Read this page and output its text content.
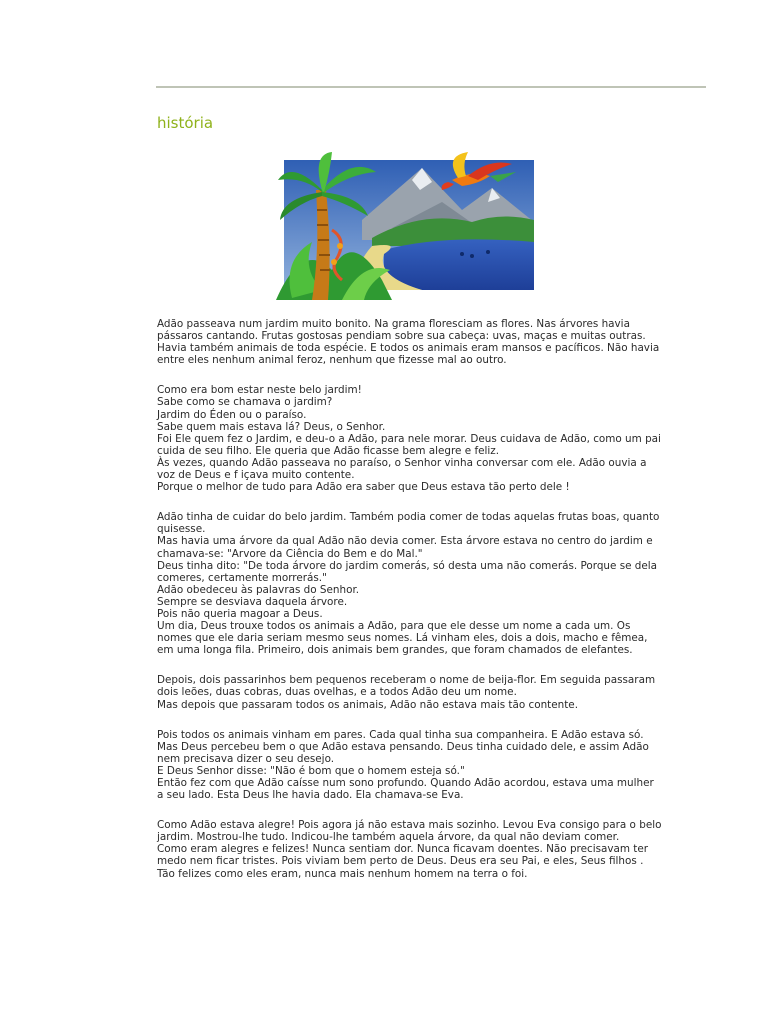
história

Adão passeava num jardim muito bonito. Na grama floresciam as flores. Nas árvores havia pássaros cantando. Frutas gostosas pendiam sobre sua cabeça: uvas, maças e muitas outras.
Havia também animais de toda espécie. E todos os animais eram mansos e pacíficos. Não havia entre eles nenhum animal feroz, nenhum que fizesse mal ao outro.

Como era bom estar neste belo jardim!
Sabe como se chamava o jardim?
Jardim do Éden ou o paraíso.
Sabe quem mais estava lá? Deus, o Senhor.
Foi Ele quem fez o Jardim, e deu-o a Adão, para nele morar. Deus cuidava de Adão, como um pai cuida de seu filho. Ele queria que Adão ficasse bem alegre e feliz.
Às vezes, quando Adão passeava no paraíso, o Senhor vinha conversar com ele. Adão ouvia a voz de Deus e f içava muito contente.
Porque o melhor de tudo para Adão era saber que Deus estava tão perto dele !

Adão tinha de cuidar do belo jardim. Também podia comer de todas aquelas frutas boas, quanto quisesse.
Mas havia uma árvore da qual Adão não devia comer. Esta árvore estava no centro do jardim e chamava-se: "Arvore da Ciência do Bem e do Mal."
Deus tinha dito: "De toda árvore do jardim comerás, só desta uma não comerás. Porque se dela comeres, certamente morrerás."
Adão obedeceu às palavras do Senhor.
Sempre se desviava daquela árvore.
Pois não queria magoar a Deus.
Um dia, Deus trouxe todos os animais a Adão, para que ele desse um nome a cada um. Os nomes que ele daria seriam mesmo seus nomes. Lá vinham eles, dois a dois, macho e fêmea, em uma longa fila. Primeiro, dois animais bem grandes, que foram chamados de elefantes.

Depois, dois passarinhos bem pequenos receberam o nome de beija-flor. Em seguida passaram dois leões, duas cobras, duas ovelhas, e a todos Adão deu um nome.
Mas depois que passaram todos os animais, Adão não estava mais tão contente.

Pois todos os animais vinham em pares. Cada qual tinha sua companheira. E Adão estava só.
Mas Deus percebeu bem o que Adão estava pensando. Deus tinha cuidado dele, e assim Adão nem precisava dizer o seu desejo.
E Deus Senhor disse: "Não é bom que o homem esteja só."
Então fez com que Adão caísse num sono profundo. Quando Adão acordou, estava uma mulher a seu lado. Esta Deus lhe havia dado. Ela chamava-se Eva.

Como Adão estava alegre! Pois agora já não estava mais sozinho. Levou Eva consigo para o belo jardim. Mostrou-lhe tudo. Indicou-lhe também aquela árvore, da qual não deviam comer.
Como eram alegres e felizes! Nunca sentiam dor. Nunca ficavam doentes. Não precisavam ter medo nem ficar tristes. Pois viviam bem perto de Deus. Deus era seu Pai, e eles, Seus filhos .
Tão felizes como eles eram, nunca mais nenhum homem na terra o foi.
